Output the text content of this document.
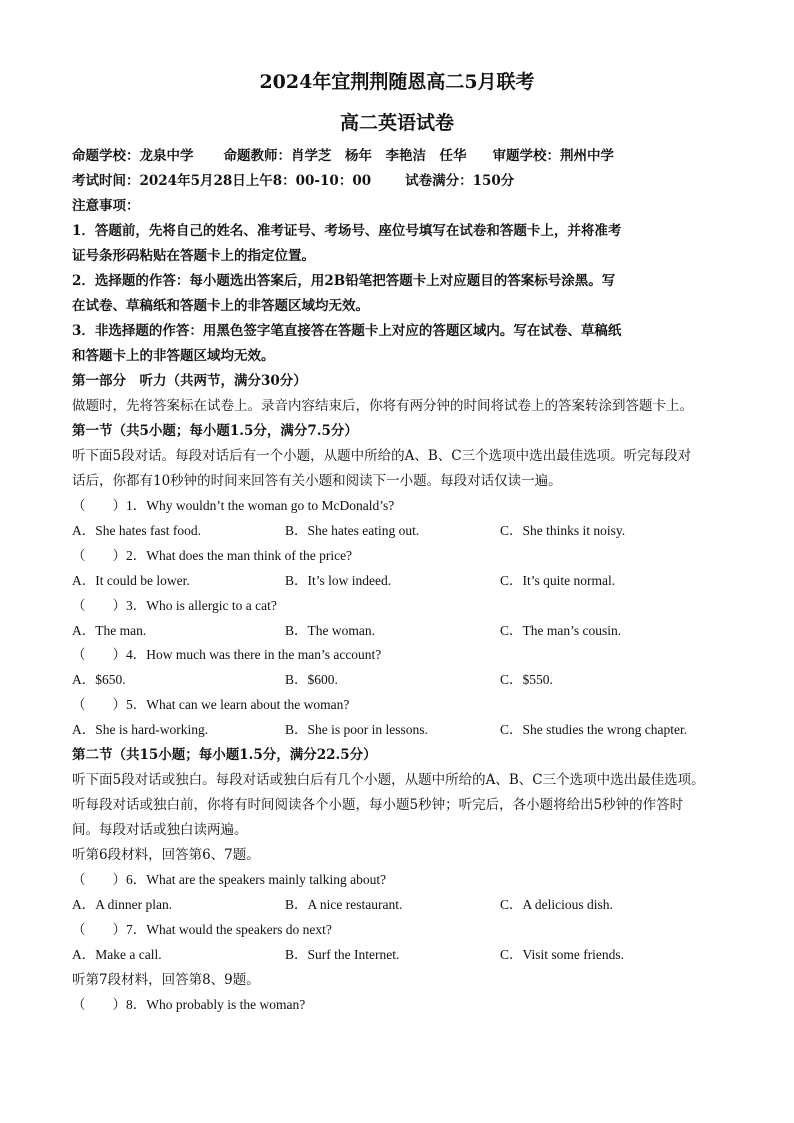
2024年宜荆荆随恩高二5月联考
高二英语试卷
命题学校：龙泉中学 命题教师：肖学芝　杨年　李艳洁　任华 审题学校：荆州中学
考试时间：2024年5月28日上午8：00-10：00	试卷满分：150分
注意事项：
1．答题前，先将自己的姓名、准考证号、考场号、座位号填写在试卷和答题卡上，并将准考
证号条形码粘贴在答题卡上的指定位置。
2．选择题的作答：每小题选出答案后，用2B铅笔把答题卡上对应题目的答案标号涂黑。写
在试卷、草稿纸和答题卡上的非答题区域均无效。
3．非选择题的作答：用黑色签字笔直接答在答题卡上对应的答题区域内。写在试卷、草稿纸
和答题卡上的非答题区域均无效。
第一部分　听力（共两节，满分30分）
做题时，先将答案标在试卷上。录音内容结束后，你将有两分钟的时间将试卷上的答案转涂到答题卡上。
第一节（共5小题；每小题1.5分，满分7.5分）
听下面5段对话。每段对话后有一个小题，从题中所给的A、B、C三个选项中选出最佳选项。听完每段对
话后，你都有10秒钟的时间来回答有关小题和阅读下一小题。每段对话仅读一遍。
（　　）1．Why wouldn’t the woman go to McDonald’s?
A．She hates fast food.	B．She hates eating out.	C．She thinks it noisy.
（　　）2．What does the man think of the price?
A．It could be lower.	B．It’s low indeed.	C．It’s quite normal.
（　　）3．Who is allergic to a cat?
A．The man.	B．The woman.	C．The man’s cousin.
（　　）4．How much was there in the man’s account?
A．$650.	B．$600.	C．$550.
（　　）5．What can we learn about the woman?
A．She is hard-working.	B．She is poor in lessons.	C．She studies the wrong chapter.
第二节（共15小题；每小题1.5分，满分22.5分）
听下面5段对话或独白。每段对话或独白后有几个小题，从题中所给的A、B、C三个选项中选出最佳选项。
听每段对话或独白前，你将有时间阅读各个小题，每小题5秒钟；听完后，各小题将给出5秒钟的作答时
间。每段对话或独白读两遍。
听第6段材料，回答第6、7题。
（　　）6．What are the speakers mainly talking about?
A．A dinner plan.	B．A nice restaurant.	C．A delicious dish.
（　　）7．What would the speakers do next?
A．Make a call.	B．Surf the Internet.	C．Visit some friends.
听第7段材料，回答第8、9题。
（　　）8．Who probably is the woman?
